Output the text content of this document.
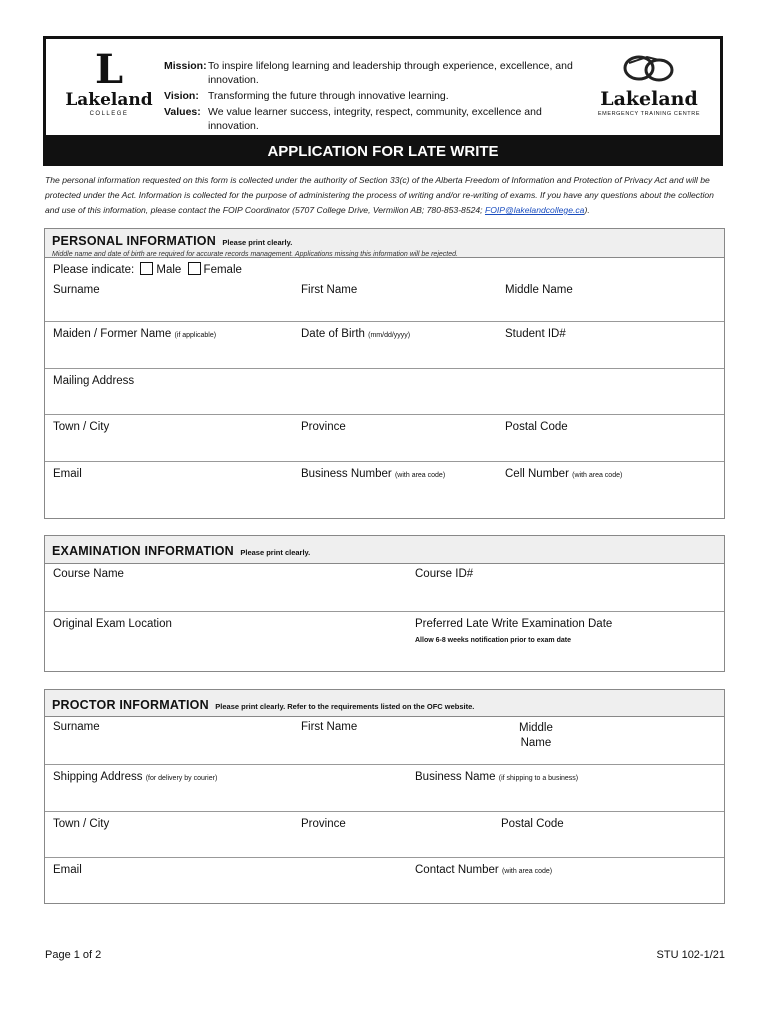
L
Lakeland
COLLEGE
Mission: To inspire lifelong learning and leadership through experience, excellence, and innovation.
Vision: Transforming the future through innovative learning.
Values: We value learner success, integrity, respect, community, excellence and innovation.
Lakeland
EMERGENCY TRAINING CENTRE
APPLICATION FOR LATE WRITE
The personal information requested on this form is collected under the authority of Section 33(c) of the Alberta Freedom of Information and Protection of Privacy Act and will be protected under the Act. Information is collected for the purpose of administering the process of writing and/or re-writing of exams. If you have any questions about the collection and use of this information, please contact the FOIP Coordinator (5707 College Drive, Vermilion AB; 780-853-8524; FOIP@lakelandcollege.ca).
PERSONAL INFORMATION Please print clearly.
Middle name and date of birth are required for accurate records management. Applications missing this information will be rejected.
Please indicate: Male Female
Surname	First Name	Middle Name
Maiden / Former Name (if applicable)	Date of Birth (mm/dd/yyyy)	Student ID#
Mailing Address
Town / City	Province	Postal Code
Email	Business Number (with area code)	Cell Number (with area code)
EXAMINATION INFORMATION Please print clearly.
Course Name	Course ID#
Original Exam Location	Preferred Late Write Examination Date
Allow 6-8 weeks notification prior to exam date
PROCTOR INFORMATION Please print clearly. Refer to the requirements listed on the OFC website.
Surname	First Name	Middle
Name
Shipping Address (for delivery by courier)	Business Name (if shipping to a business)
Town / City	Province	Postal Code
Email	Contact Number (with area code)
Page 1 of 2	STU 102-1/21
